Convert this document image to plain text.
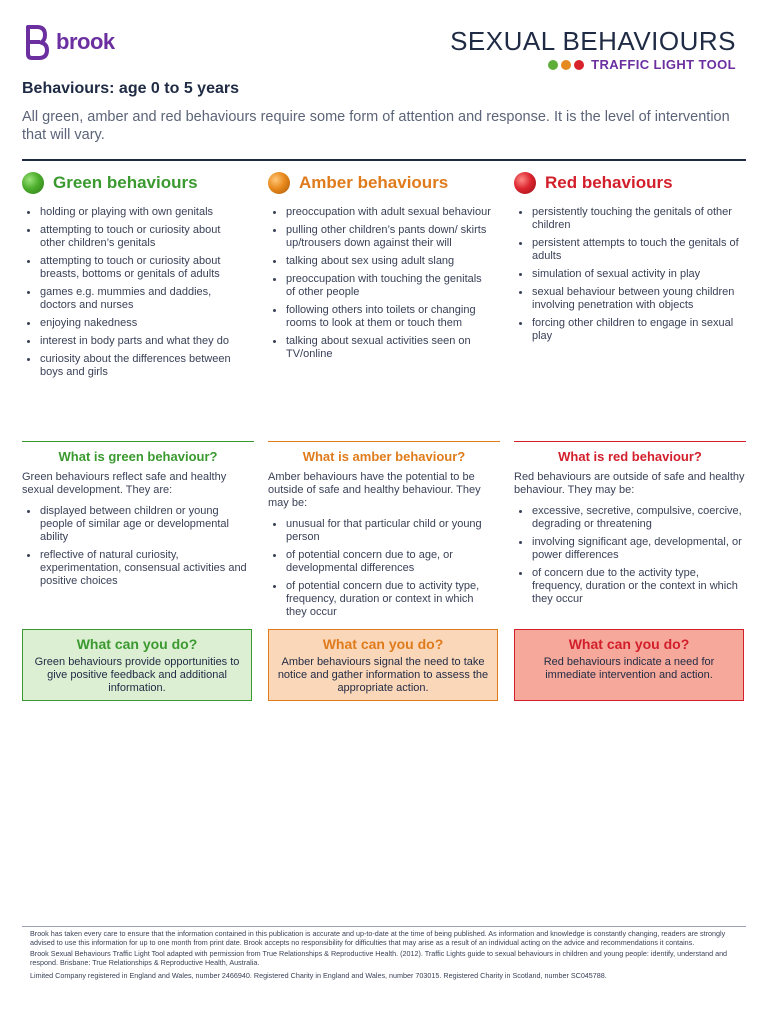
brook	SEXUAL BEHAVIOURS
TRAFFIC LIGHT TOOL
Behaviours: age 0 to 5 years
All green, amber and red behaviours require some form of attention and response. It is the level of intervention that will vary.
Green behaviours
holding or playing with own genitals
attempting to touch or curiosity about other children’s genitals
attempting to touch or curiosity about breasts, bottoms or genitals of adults
games e.g. mummies and daddies, doctors and nurses
enjoying nakedness
interest in body parts and what they do
curiosity about the differences between boys and girls
What is green behaviour?
Green behaviours reflect safe and healthy sexual development. They are:
displayed between children or young people of similar age or developmental ability
reflective of natural curiosity, experimentation, consensual activities and positive choices
What can you do?
Green behaviours provide opportunities to give positive feedback and additional information.
Amber behaviours
preoccupation with adult sexual behaviour
pulling other children’s pants down/ skirts up/trousers down against their will
talking about sex using adult slang
preoccupation with touching the genitals of other people
following others into toilets or changing rooms to look at them or touch them
talking about sexual activities seen on TV/online
What is amber behaviour?
Amber behaviours have the potential to be outside of safe and healthy behaviour. They may be:
unusual for that particular child or young person
of potential concern due to age, or developmental differences
of potential concern due to activity type, frequency, duration or context in which they occur
What can you do?
Amber behaviours signal the need to take notice and gather information to assess the appropriate action.
Red behaviours
persistently touching the genitals of other children
persistent attempts to touch the genitals of adults
simulation of sexual activity in play
sexual behaviour between young children involving penetration with objects
forcing other children to engage in sexual play
What is red behaviour?
Red behaviours are outside of safe and healthy behaviour. They may be:
excessive, secretive, compulsive, coercive, degrading or threatening
involving significant age, developmental, or power differences
of concern due to the activity type, frequency, duration or the context in which they occur
What can you do?
Red behaviours indicate a need for immediate intervention and action.

Brook has taken every care to ensure that the information contained in this publication is accurate and up-to-date at the time of being published. As information and knowledge is constantly changing, readers are strongly advised to use this information for up to one month from print date. Brook accepts no responsibility for difficulties that may arise as a result of an individual acting on the advice and recommendations it contains.

Brook Sexual Behaviours Traffic Light Tool adapted with permission from True Relationships & Reproductive Health. (2012). Traffic Lights guide to sexual behaviours in children and young people: identify, understand and respond. Brisbane: True Relationships & Reproductive Health, Australia.

Limited Company registered in England and Wales, number 2466940. Registered Charity in England and Wales, number 703015. Registered Charity in Scotland, number SC045788.
